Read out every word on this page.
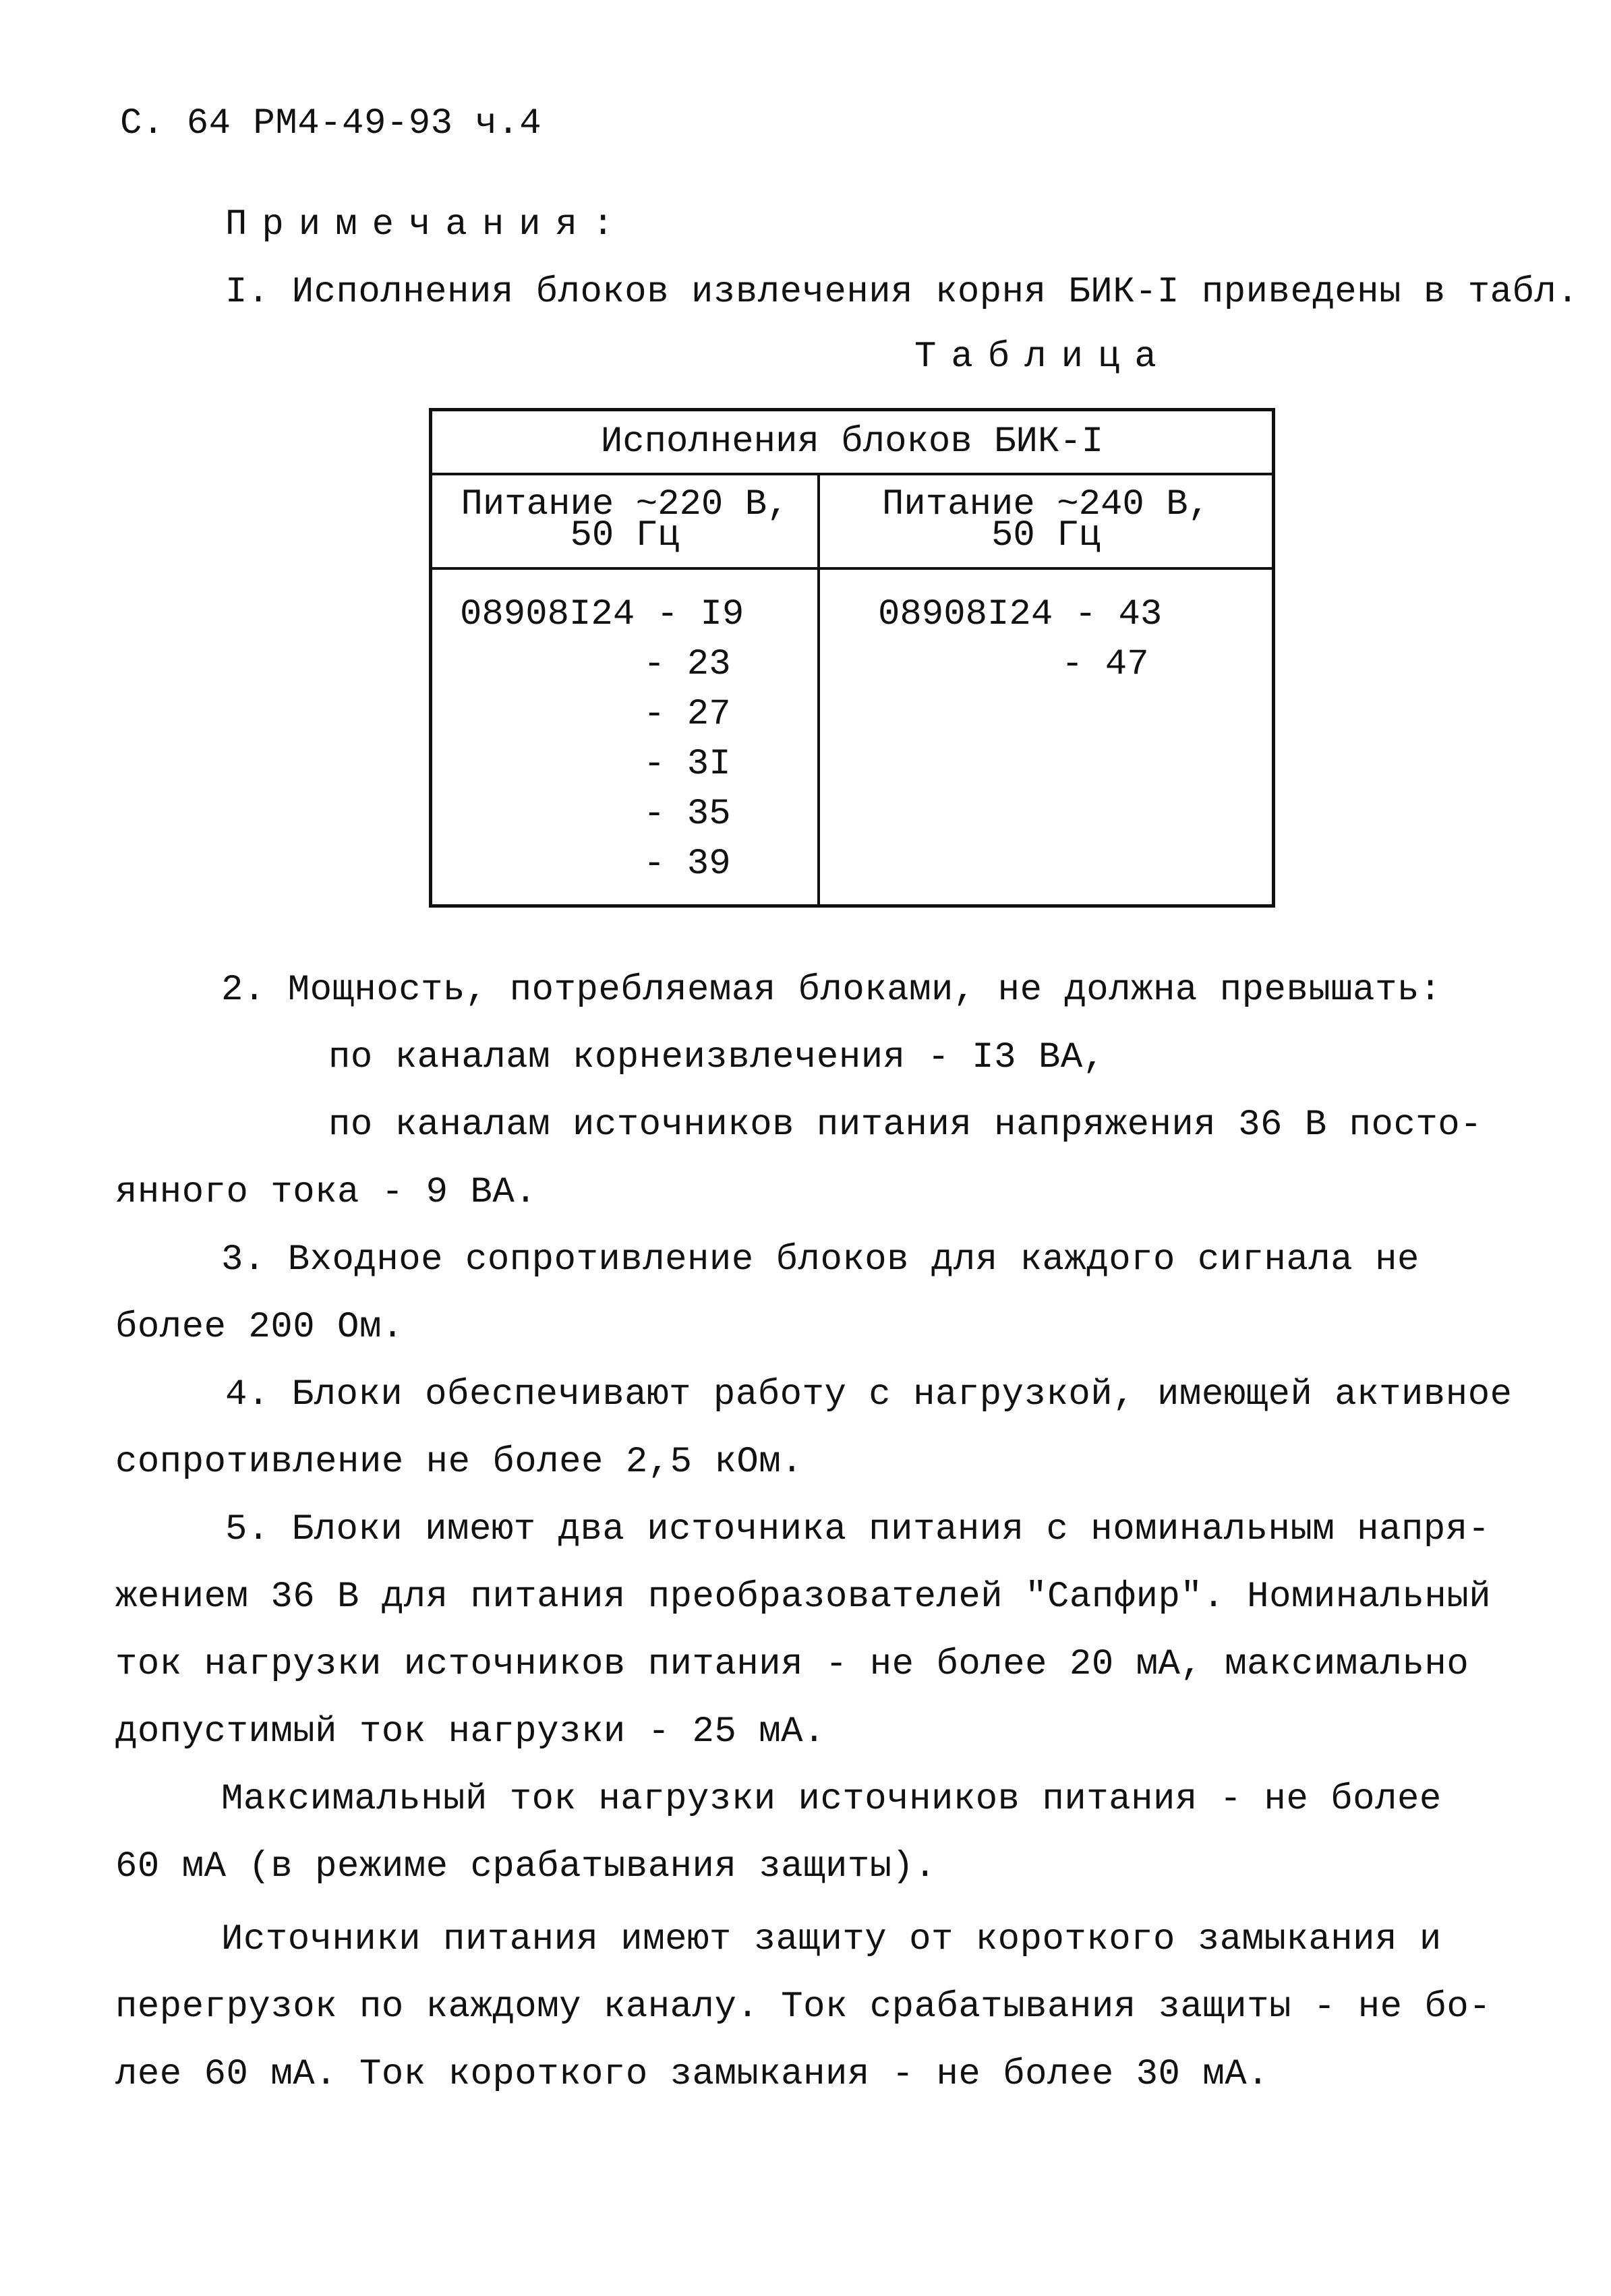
С. 64 РМ4-49-93 ч.4
Примечания:
I. Исполнения блоков извлечения корня БИК-I приведены в табл.
Таблица
Исполнения блоков БИК-I
Питание ~220 В,
50 Гц
Питание ~240 В,
50 Гц
08908I24 - I9
- 23
- 27
- 3I
- 35
- 39
08908I24 - 43
- 47
2. Мощность, потребляемая блоками, не должна превышать:
по каналам корнеизвлечения - I3 ВА,
по каналам источников питания напряжения 36 В посто-
янного тока - 9 ВА.
3. Входное сопротивление блоков для каждого сигнала не
более 200 Ом.
4. Блоки обеспечивают работу с нагрузкой, имеющей активное
сопротивление не более 2,5 кОм.
5. Блоки имеют два источника питания с номинальным напря-
жением 36 В для питания преобразователей "Сапфир". Номинальный
ток нагрузки источников питания - не более 20 мА, максимально
допустимый ток нагрузки - 25 мА.
Максимальный ток нагрузки источников питания - не более
60 мА (в режиме срабатывания защиты).
Источники питания имеют защиту от короткого замыкания и
перегрузок по каждому каналу. Ток срабатывания защиты - не бо-
лее 60 мА. Ток короткого замыкания - не более 30 мА.
